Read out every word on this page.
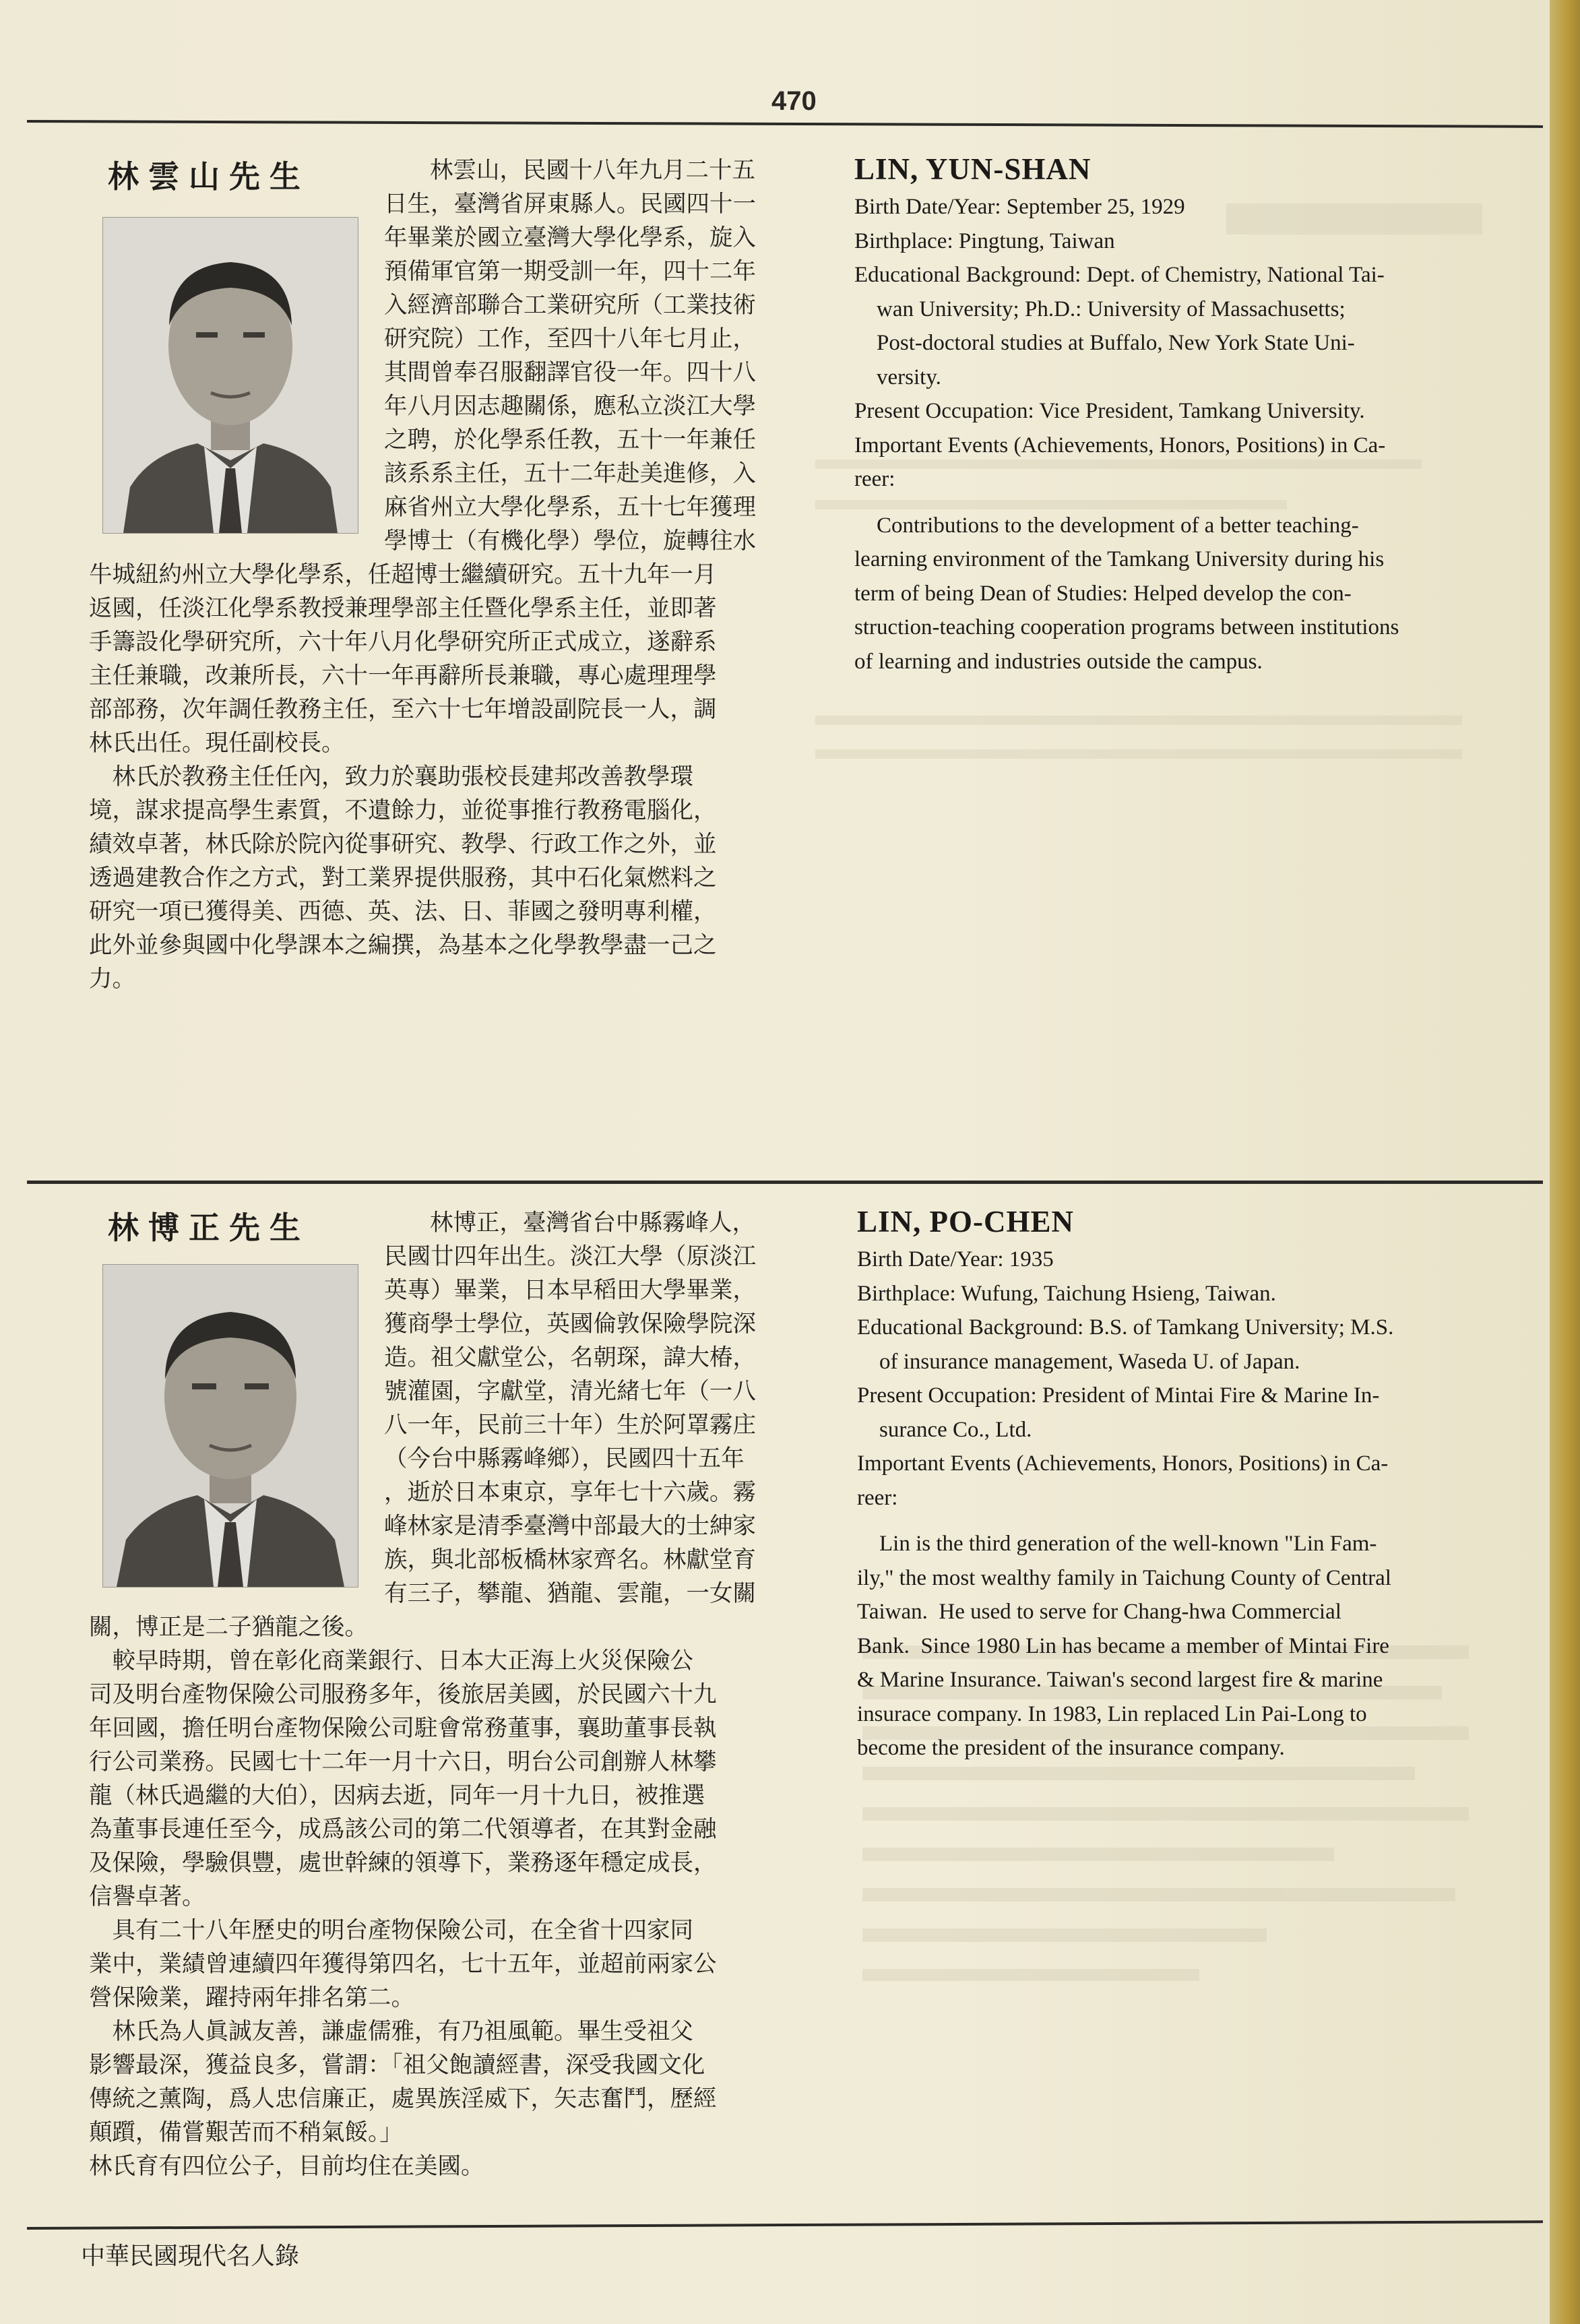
470
林雲山先生	林雲山，民國十八年九月二十五
日生，臺灣省屏東縣人。民國四十一
年畢業於國立臺灣大學化學系，旋入
預備軍官第一期受訓一年，四十二年
入經濟部聯合工業研究所（工業技術
研究院）工作，至四十八年七月止，
其間曾奉召服翻譯官役一年。四十八
年八月因志趣關係，應私立淡江大學
之聘，於化學系任教，五十一年兼任
該系系主任，五十二年赴美進修，入
麻省州立大學化學系，五十七年獲理
學博士（有機化學）學位，旋轉往水
牛城紐約州立大學化學系，任超博士繼續研究。五十九年一月
返國，任淡江化學系教授兼理學部主任暨化學系主任，並即著
手籌設化學研究所，六十年八月化學研究所正式成立，遂辭系
主任兼職，改兼所長，六十一年再辭所長兼職，專心處理理學
部部務，次年調任教務主任，至六十七年增設副院長一人，調
林氏出任。現任副校長。
　林氏於教務主任任內，致力於襄助張校長建邦改善教學環
境，謀求提高學生素質，不遺餘力，並從事推行教務電腦化，
績效卓著，林氏除於院內從事研究、教學、行政工作之外，並
透過建教合作之方式，對工業界提供服務，其中石化氣燃料之
研究一項已獲得美、西德、英、法、日、菲國之發明專利權，
此外並參與國中化學課本之編撰，為基本之化學教學盡一己之
力。
LIN, YUN-SHAN
Birth Date/Year: September 25, 1929
Birthplace: Pingtung, Taiwan
Educational Background: Dept. of Chemistry, National Tai-
wan University; Ph.D.: University of Massachusetts;
Post-doctoral studies at Buffalo, New York State Uni-
versity.
Present Occupation: Vice President, Tamkang University.
Important Events (Achievements, Honors, Positions) in Ca-
reer:
Contributions to the development of a better teaching-
learning environment of the Tamkang University during his
term of being Dean of Studies: Helped develop the con-
struction-teaching cooperation programs between institutions
of learning and industries outside the campus.
林博正先生	林博正，臺灣省台中縣霧峰人，
民國廿四年出生。淡江大學（原淡江
英專）畢業，日本早稻田大學畢業，
獲商學士學位，英國倫敦保險學院深
造。祖父獻堂公，名朝琛，諱大椿，
號灌園，字獻堂，清光緒七年（一八
八一年，民前三十年）生於阿罩霧庄
（今台中縣霧峰鄉），民國四十五年
，逝於日本東京，享年七十六歲。霧
峰林家是清季臺灣中部最大的士紳家
族，與北部板橋林家齊名。林獻堂育
有三子，攀龍、猶龍、雲龍，一女關
關，博正是二子猶龍之後。
　較早時期，曾在彰化商業銀行、日本大正海上火災保險公
司及明台產物保險公司服務多年，後旅居美國，於民國六十九
年回國，擔任明台產物保險公司駐會常務董事，襄助董事長執
行公司業務。民國七十二年一月十六日，明台公司創辦人林攀
龍（林氏過繼的大伯），因病去逝，同年一月十九日，被推選
為董事長連任至今，成爲該公司的第二代領導者，在其對金融
及保險，學驗俱豐，處世幹練的領導下，業務逐年穩定成長，
信譽卓著。
　具有二十八年歷史的明台產物保險公司，在全省十四家同
業中，業績曾連續四年獲得第四名，七十五年，並超前兩家公
營保險業，躍持兩年排名第二。
　林氏為人眞誠友善，謙虛儒雅，有乃祖風範。畢生受祖父
影響最深，獲益良多，嘗謂：「祖父飽讀經書，深受我國文化
傳統之薰陶，爲人忠信廉正，處異族淫威下，矢志奮鬥，歷經
顛躓，備嘗艱苦而不稍氣餒。」
林氏育有四位公子，目前均住在美國。
LIN, PO-CHEN
Birth Date/Year: 1935
Birthplace: Wufung, Taichung Hsieng, Taiwan.
Educational Background: B.S. of Tamkang University; M.S.
of insurance management, Waseda U. of Japan.
Present Occupation: President of Mintai Fire & Marine In-
surance Co., Ltd.
Important Events (Achievements, Honors, Positions) in Ca-
reer:
Lin is the third generation of the well-known "Lin Fam-
ily," the most wealthy family in Taichung County of Central
Taiwan.  He used to serve for Chang-hwa Commercial
Bank.  Since 1980 Lin has became a member of Mintai Fire
& Marine Insurance. Taiwan's second largest fire & marine
insurace company. In 1983, Lin replaced Lin Pai-Long to
become the president of the insurance company.
中華民國現代名人錄
